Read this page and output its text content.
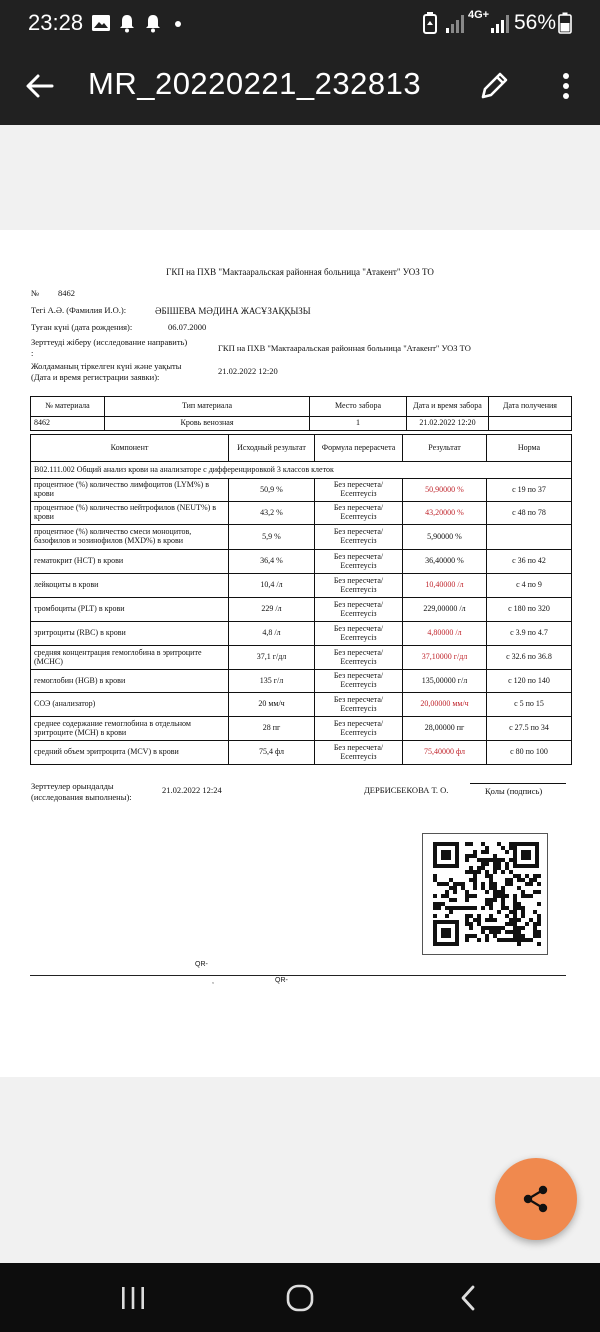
23:28	4G+ 56%
MR_20220221_232813
ГКП на ПХВ "Мактааральская районная больница "Атакент" УОЗ ТО
№ 8462
Тегі А.Ә. (Фамилия И.О.):	ӘБІШЕВА МӘДИНА ЖАСҰЗАҚҚЫЗЫ
Туған күні (дата рождения):	06.07.2000
Зерттеуді жіберу (исследование направить)
:	ГКП на ПХВ "Мактааральская районная больница "Атакент" УОЗ ТО
Жолдаманың тіркелген күні және уақыты
(Дата и время регистрации заявки):
21.02.2022 12:20
№ материала	Тип материала	Место забора	Дата и время забора	Дата получения
8462	Кровь венозная	1	21.02.2022 12:20	
Компонент	Исходный результат	Формула перерасчета	Результат	Норма
B02.111.002 Общий анализ крови на анализаторе с дифференцировкой 3 классов клеток				
процентное (%) количество лимфоцитов (LYM%) в крови	50,9 %	Без пересчета/ Есептеусіз	50,90000 %	с 19 по 37
процентное (%) количество нейтрофилов (NEUT%) в крови	43,2 %	Без пересчета/ Есептеусіз	43,20000 %	с 48 по 78
процентное (%) количество смеси моноцитов, базофилов и эозинофилов (MXD%) в крови	5,9 %	Без пересчета/ Есептеусіз	5,90000 %	
гематокрит (HCT) в крови	36,4 %	Без пересчета/ Есептеусіз	36,40000 %	с 36 по 42
лейкоциты в крови	10,4 /л	Без пересчета/ Есептеусіз	10,40000 /л	с 4 по 9
тромбоциты (PLT) в крови	229 /л	Без пересчета/ Есептеусіз	229,00000 /л	с 180 по 320
эритроциты (RBC) в крови	4,8 /л	Без пересчета/ Есептеусіз	4,80000 /л	с 3.9 по 4.7
средняя концентрация гемоглобина в эритроците (MCHC)	37,1 г/дл	Без пересчета/ Есептеусіз	37,10000 г/дл	с 32.6 по 36.8
гемоглобин (HGB) в крови	135 г/л	Без пересчета/ Есептеусіз	135,00000 г/л	с 120 по 140
СОЭ (анализатор)	20 мм/ч	Без пересчета/ Есептеусіз	20,00000 мм/ч	с 5 по 15
среднее содержание гемоглобина в отдельном эритроците (MCH) в крови	28 пг	Без пересчета/ Есептеусіз	28,00000 пг	с 27.5 по 34
средний объем эритроцита (MCV) в крови	75,4 фл	Без пересчета/ Есептеусіз	75,40000 фл	с 80 по 100
Зерттеулер орындалды
(исследования выполнены):
21.02.2022 12:24	ДЕРБИСБЕКОВА Т. О.	Қолы (подпись)
QR-
,	QR-
